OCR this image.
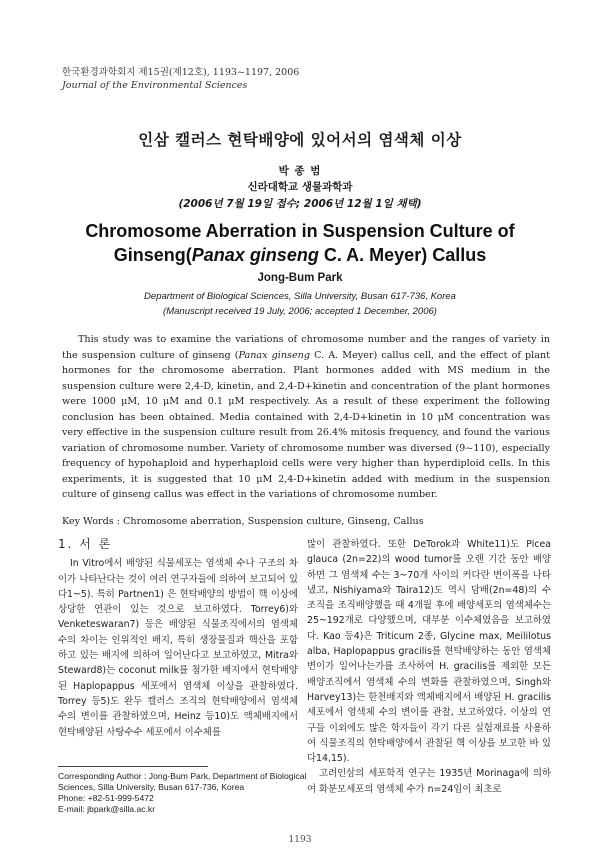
한국환경과학회지 제15권(제12호), 1193~1197, 2006
Journal of the Environmental Sciences
인삼 캘러스 현탁배양에 있어서의 염색체 이상
박 종 범
신라대학교 생물과학과
(2006년 7월 19일 접수; 2006년 12월 1일 채택)
Chromosome Aberration in Suspension Culture of
Ginseng(Panax ginseng C. A. Meyer) Callus
Jong-Bum Park
Department of Biological Sciences, Silla University, Busan 617-736, Korea
(Manuscript received 19 July, 2006; accepted 1 December, 2006)
This study was to examine the variations of chromosome number and the ranges of variety in the suspension culture of ginseng (Panax ginseng C. A. Meyer) callus cell, and the effect of plant hormones for the chromosome aberration. Plant hormones added with MS medium in the suspension culture were 2,4-D, kinetin, and 2,4-D+kinetin and concentration of the plant hormones were 1000 μM, 10 μM and 0.1 μM respectively. As a result of these experiment the following conclusion has been obtained. Media contained with 2,4-D+kinetin in 10 μM concentration was very effective in the suspension culture result from 26.4% mitosis frequency, and found the various variation of chromosome number. Variety of chromosome number was diversed (9~110), especially frequency of hypohaploid and hyperhaploid cells were very higher than hyperdiploid cells. In this experiments, it is suggested that 10 μM 2,4-D+kinetin added with medium in the suspension culture of ginseng callus was effect in the variations of chromosome number.
Key Words : Chromosome aberration, Suspension culture, Ginseng, Callus
1. 서 론

In Vitro에서 배양된 식물세포는 염색체 수나 구조의 차이가 나타난다는 것이 여러 연구자들에 의하여 보고되어 있다1~5). 특히 Partnen1) 은 현탁배양의 방법이 핵 이상에 상당한 연관이 있는 것으로 보고하였다. Torrey6)와 Venketeswaran7) 등은 배양된 식물조직에서의 염색체 수의 차이는 인위적인 배지, 특히 생장물질과 핵산을 포함하고 있는 배지에 의하여 일어난다고 보고하였고, Mitra와 Steward8)는 coconut milk를 첨가한 배지에서 현탁배양된 Haplopappus 세포에서 염색체 이상을 관찰하였다. Torrey 등5)도 완두 캘러스 조직의 현탁배양에서 염색체 수의 변이를 관찰하였으며, Heinz 등10)도 액체배지에서 현탁배양된 사탕수수 세포에서 이수체를

많이 관찰하였다. 또한 DeTorok과 White11)도 Picea glauca (2n=22)의 wood tumor를 오랜 기간 동안 배양하면 그 염색체 수는 3~70개 사이의 커다란 변이폭을 나타냈고, Nishiyama와 Taira12)도 역시 담배(2n=48)의 수 조직을 조직배양했을 때 4개월 후에 배양세포의 염색체수는 25~192개로 다양했으며, 대부분 이수체였음을 보고하였다. Kao 등4)은 Triticum 2종, Glycine max, Meililotus alba, Haplopappus gracilis를 현탁배양하는 동안 염색체 변이가 일어나는가를 조사하여 H. gracilis를 제외한 모든 배양조직에서 염색체 수의 변화를 관찰하였으며, Singh와 Harvey13)는 한천배지와 액체배지에서 배양된 H. gracilis 세포에서 염색체 수의 변이를 관찰, 보고하였다. 이상의 연구들 이외에도 많은 학자들이 각기 다른 실험재료를 사용하여 식물조직의 현탁배양에서 관찰된 핵 이상을 보고한 바 있다14,15).

고려인삼의 세포학적 연구는 1935년 Morinaga에 의하여 화분모세포의 염색체 수가 n=24임이 최초로

Corresponding Author : Jong-Bum Park, Department of Biological Sciences, Silla University, Busan 617-736, Korea
Phone: +82-51-999-5472
E-mail: jbpark@silla.ac.kr
1193
